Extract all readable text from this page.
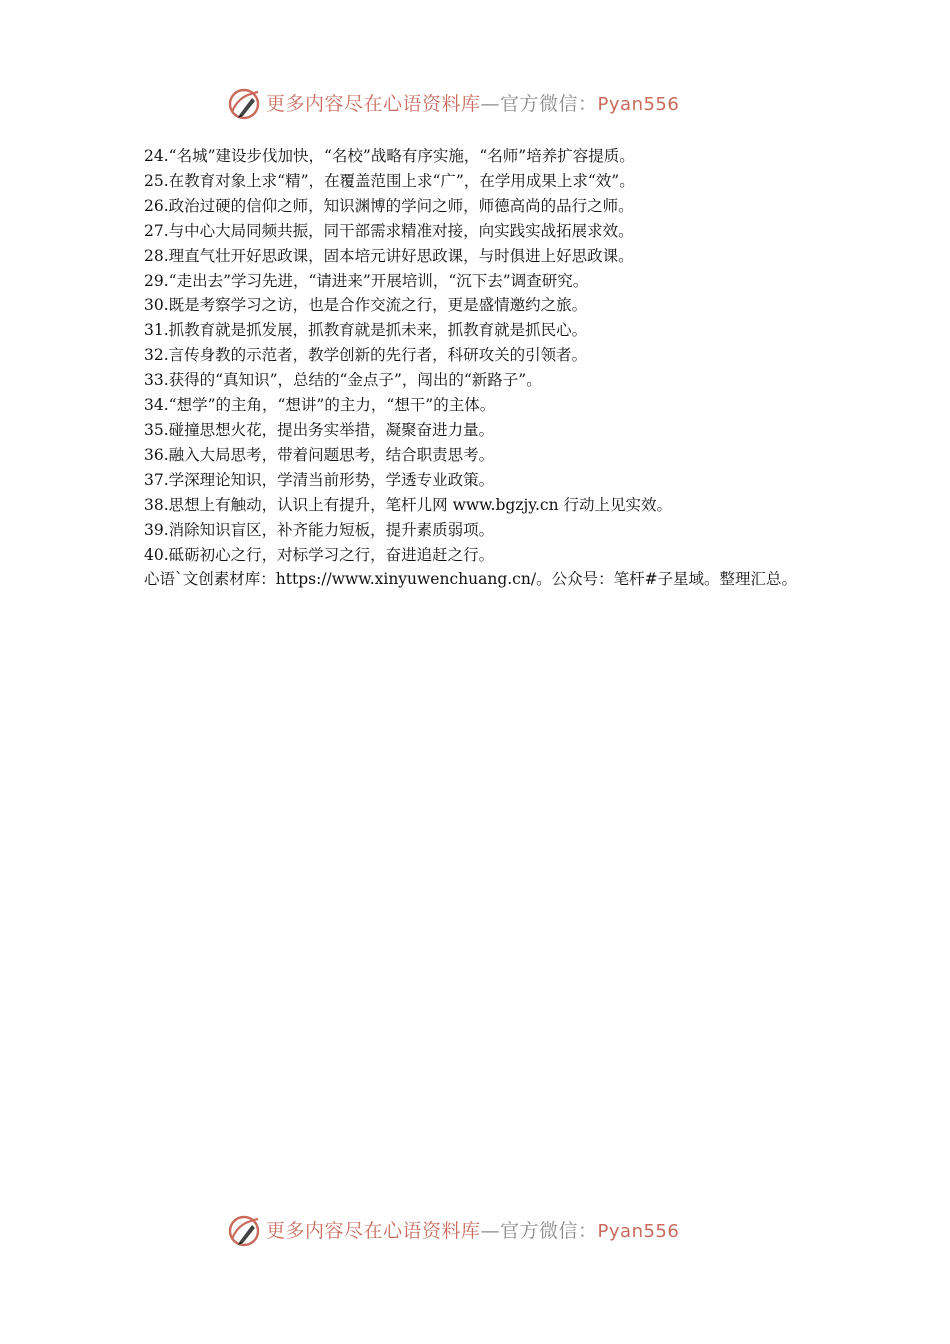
更多内容尽在心语资料库—官方微信：Pyan556
24.“名城”建设步伐加快，“名校”战略有序实施，“名师”培养扩容提质。
25.在教育对象上求“精”，在覆盖范围上求“广”，在学用成果上求“效”。
26.政治过硬的信仰之师，知识渊博的学问之师，师德高尚的品行之师。
27.与中心大局同频共振，同干部需求精准对接，向实践实战拓展求效。
28.理直气壮开好思政课，固本培元讲好思政课，与时俱进上好思政课。
29.“走出去”学习先进，“请进来”开展培训，“沉下去”调查研究。
30.既是考察学习之访，也是合作交流之行，更是盛情邀约之旅。
31.抓教育就是抓发展，抓教育就是抓未来，抓教育就是抓民心。
32.言传身教的示范者，教学创新的先行者，科研攻关的引领者。
33.获得的“真知识”，总结的“金点子”，闯出的“新路子”。
34.“想学”的主角，“想讲”的主力，“想干”的主体。
35.碰撞思想火花，提出务实举措，凝聚奋进力量。
36.融入大局思考，带着问题思考，结合职责思考。
37.学深理论知识，学清当前形势，学透专业政策。
38.思想上有触动，认识上有提升，笔杆儿网 www.bgzjy.cn 行动上见实效。
39.消除知识盲区，补齐能力短板，提升素质弱项。
40.砥砺初心之行，对标学习之行，奋进追赶之行。
心语`文创素材库：https://www.xinyuwenchuang.cn/。公众号：笔杆#子星域。整理汇总。
更多内容尽在心语资料库—官方微信：Pyan556
